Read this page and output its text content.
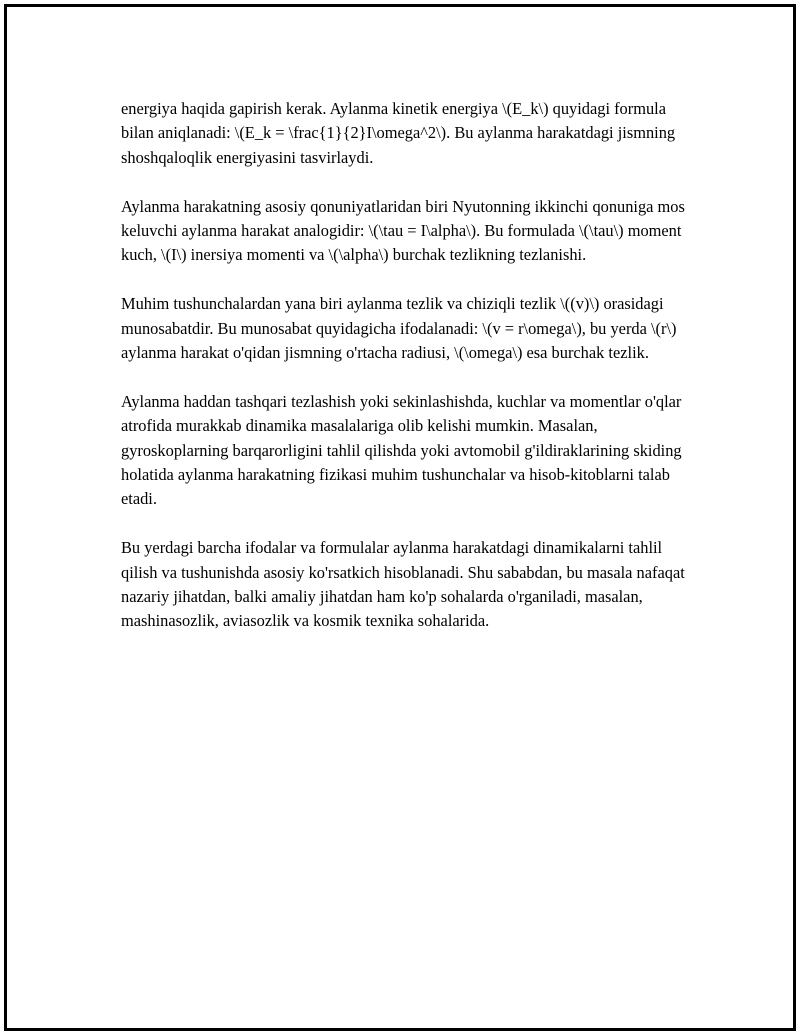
energiya haqida gapirish kerak. Aylanma kinetik energiya \(E_k\) quyidagi formula bilan aniqlanadi: \(E_k = \frac{1}{2}I\omega^2\). Bu aylanma harakatdagi jismning shoshqaloqlik energiyasini tasvirlaydi.

Aylanma harakatning asosiy qonuniyatlaridan biri Nyutonning ikkinchi qonuniga mos keluvchi aylanma harakat analogidir: \(\tau = I\alpha\). Bu formulada \(\tau\) moment kuch, \(I\) inersiya momenti va \(\alpha\) burchak tezlikning tezlanishi.

Muhim tushunchalardan yana biri aylanma tezlik va chiziqli tezlik \((v)\) orasidagi munosabatdir. Bu munosabat quyidagicha ifodalanadi: \(v = r\omega\), bu yerda \(r\) aylanma harakat o'qidan jismning o'rtacha radiusi, \(\omega\) esa burchak tezlik.

Aylanma haddan tashqari tezlashish yoki sekinlashishda, kuchlar va momentlar o'qlar atrofida murakkab dinamika masalalariga olib kelishi mumkin. Masalan, gyroskoplarning barqarorligini tahlil qilishda yoki avtomobil g'ildiraklarining skiding holatida aylanma harakatning fizikasi muhim tushunchalar va hisob-kitoblarni talab etadi.

Bu yerdagi barcha ifodalar va formulalar aylanma harakatdagi dinamikalarni tahlil qilish va tushunishda asosiy ko'rsatkich hisoblanadi. Shu sababdan, bu masala nafaqat nazariy jihatdan, balki amaliy jihatdan ham ko'p sohalarda o'rganiladi, masalan, mashinasozlik, aviasozlik va kosmik texnika sohalarida.
